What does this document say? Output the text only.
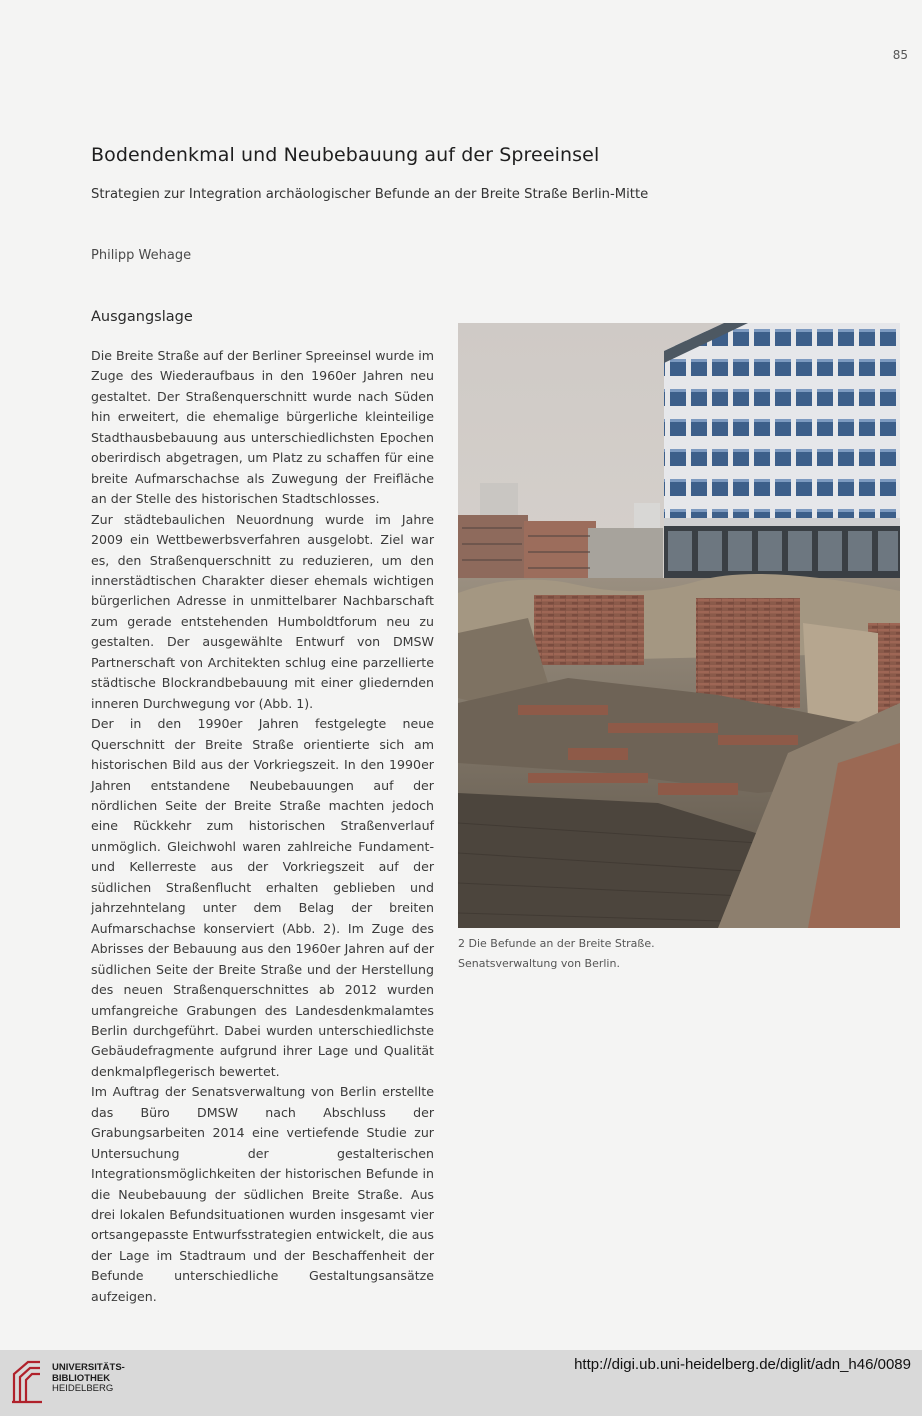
85
Bodendenkmal und Neubebauung auf der Spreeinsel
Strategien zur Integration archäologischer Befunde an der Breite Straße Berlin-Mitte
Philipp Wehage
Ausgangslage

Die Breite Straße auf der Berliner Spreeinsel wurde im Zuge des Wiederaufbaus in den 1960er Jahren neu gestaltet. Der Straßenquerschnitt wurde nach Süden hin erweitert, die ehemalige bürgerliche kleinteilige Stadthausbebauung aus unterschiedlichsten Epochen oberirdisch abgetragen, um Platz zu schaffen für eine breite Aufmarschachse als Zuwegung der Freifläche an der Stelle des historischen Stadtschlosses.

Zur städtebaulichen Neuordnung wurde im Jahre 2009 ein Wettbewerbsverfahren ausgelobt. Ziel war es, den Straßenquerschnitt zu reduzieren, um den innerstädtischen Charakter dieser ehemals wichtigen bürgerlichen Adresse in unmittelbarer Nachbarschaft zum gerade entstehenden Humboldtforum neu zu gestalten. Der ausgewählte Entwurf von DMSW Partnerschaft von Architekten schlug eine parzellierte städtische Blockrandbebauung mit einer gliedernden inneren Durchwegung vor (Abb. 1).

Der in den 1990er Jahren festgelegte neue Querschnitt der Breite Straße orientierte sich am historischen Bild aus der Vorkriegszeit. In den 1990er Jahren entstandene Neubebauungen auf der nördlichen Seite der Breite Straße machten jedoch eine Rückkehr zum historischen Straßenverlauf unmöglich. Gleichwohl waren zahlreiche Fundament- und Kellerreste aus der Vorkriegszeit auf der südlichen Straßenflucht erhalten geblieben und jahrzehntelang unter dem Belag der breiten Aufmarschachse konserviert (Abb. 2). Im Zuge des Abrisses der Bebauung aus den 1960er Jahren auf der südlichen Seite der Breite Straße und der Herstellung des neuen Straßenquerschnittes ab 2012 wurden umfangreiche Grabungen des Landesdenkmalamtes Berlin durchgeführt. Dabei wurden unterschiedlichste Gebäudefragmente aufgrund ihrer Lage und Qualität denkmalpflegerisch bewertet.

Im Auftrag der Senatsverwaltung von Berlin erstellte das Büro DMSW nach Abschluss der Grabungsarbeiten 2014 eine vertiefende Studie zur Untersuchung der gestalterischen Integrationsmöglichkeiten der historischen Befunde in die Neubebauung der südlichen Breite Straße. Aus drei lokalen Befundsituationen wurden insgesamt vier ortsangepasste Entwurfsstrategien entwickelt, die aus der Lage im Stadtraum und der Beschaffenheit der Befunde unterschiedliche Gestaltungsansätze aufzeigen.

2 Die Befunde an der Breite Straße.
Senatsverwaltung von Berlin.
UNIVERSITÄTS-
BIBLIOTHEK
HEIDELBERG
http://digi.ub.uni-heidelberg.de/diglit/adn_h46/0089
